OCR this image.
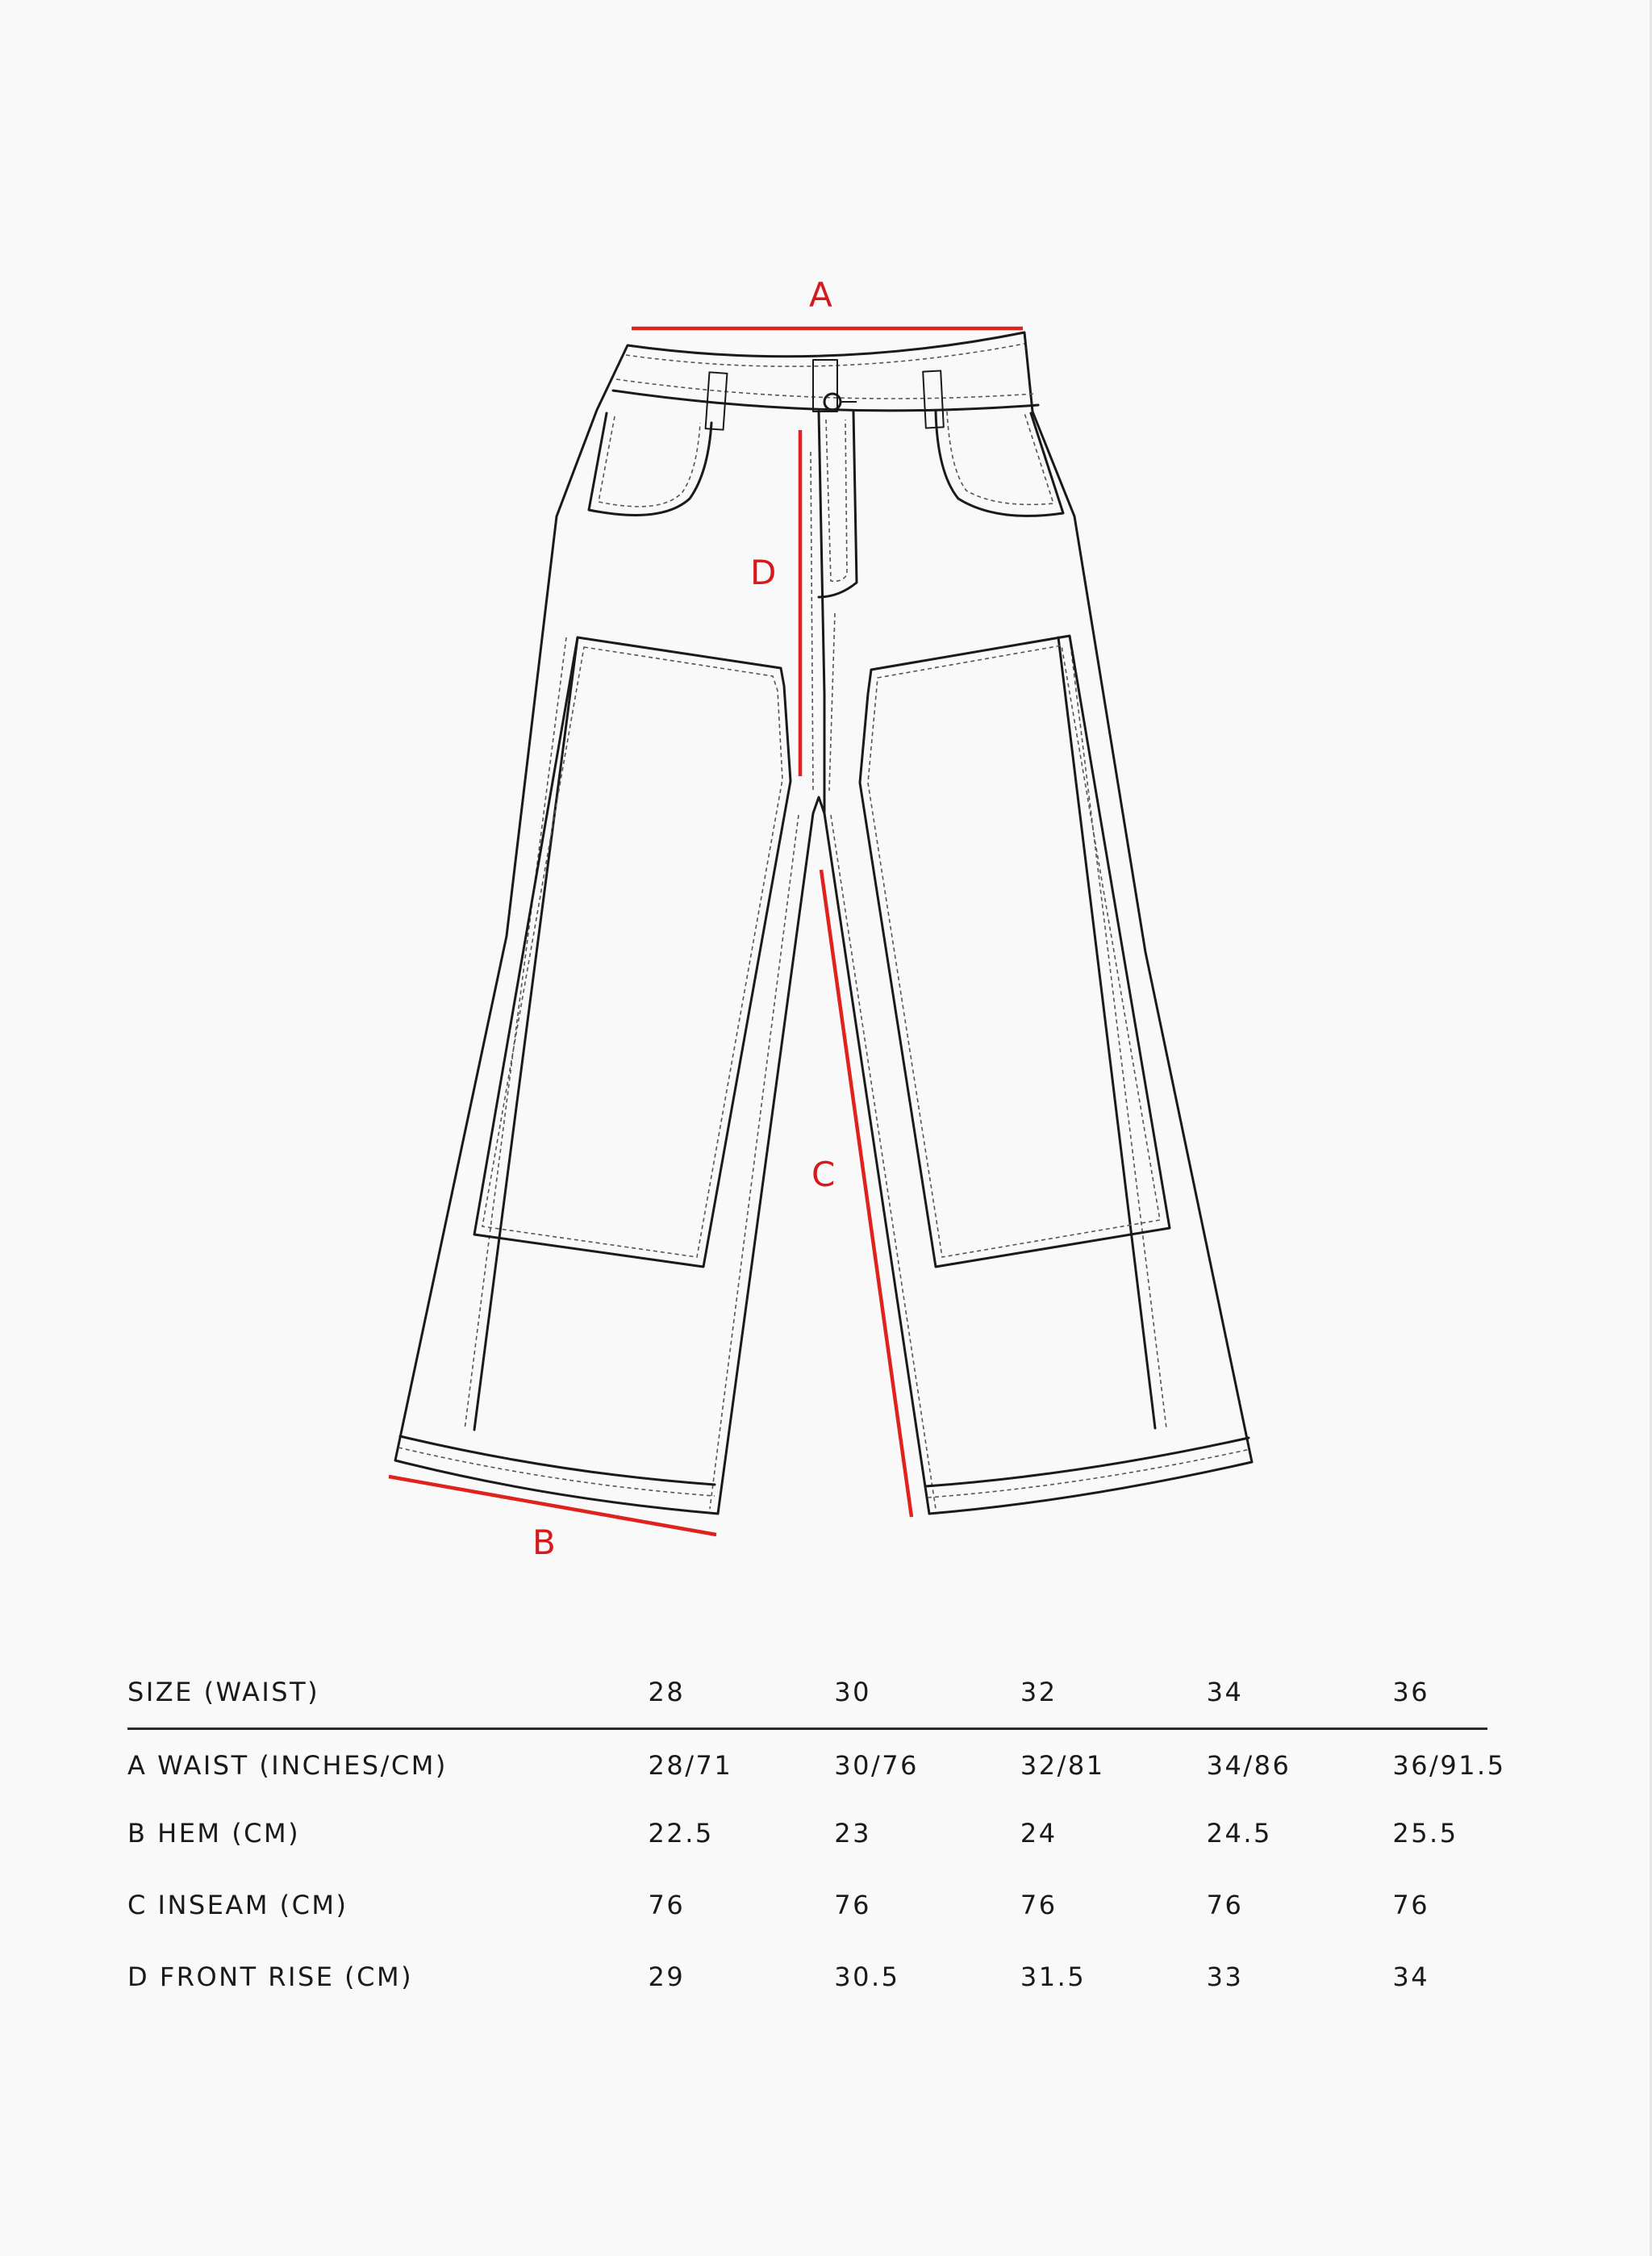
A
B
C
D
SIZE (WAIST)	28	30	32	34	36
A WAIST (INCHES/CM)	28/71	30/76	32/81	34/86	36/91.5
B HEM (CM)	22.5	23	24	24.5	25.5
C INSEAM (CM)	76	76	76	76	76
D FRONT RISE (CM)	29	30.5	31.5	33	34
